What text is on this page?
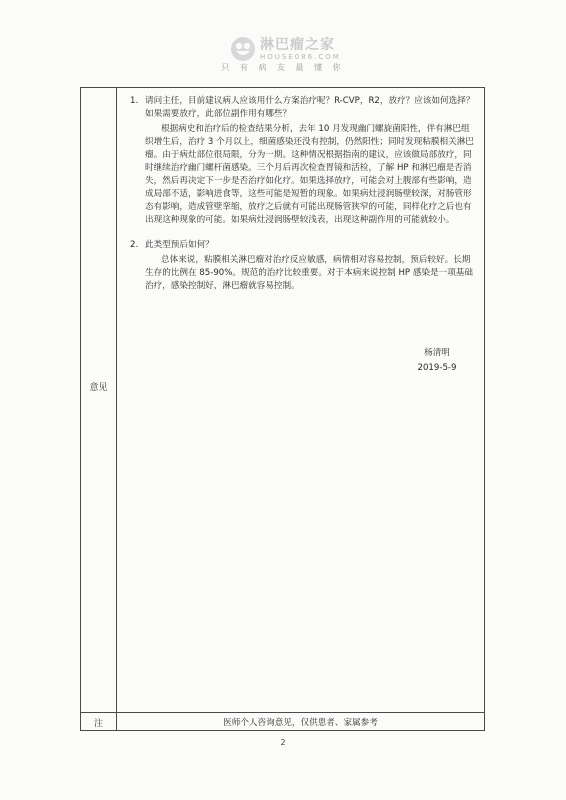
淋巴瘤之家
HOUSE086.COM
只 有 病 友 最 懂 你
意见
注
1. 请问主任，目前建议病人应该用什么方案治疗呢？R-CVP，R2，放疗？应该如何选择？如果需要放疗，此部位副作用有哪些？
根据病史和治疗后的检查结果分析，去年 10 月发现幽门螺旋菌阳性，伴有淋巴组织增生后，治疗 3 个月以上，细菌感染还没有控制，仍然阳性；同时发现粘膜相关淋巴瘤。由于病灶部位很局限，分为一期。这种情况根据指南的建议，应该做局部放疗，同时继续治疗幽门螺杆菌感染。三个月后再次检查胃镜和活检，了解 HP 和淋巴瘤是否消失，然后再决定下一步是否治疗如化疗。如果选择放疗，可能会对上腹部有些影响，造成局部不适，影响进食等，这些可能是短暂的现象。如果病灶浸润肠壁较深，对肠管形态有影响，造成管壁挛缩，放疗之后就有可能出现肠管狭窄的可能，同样化疗之后也有出现这种现象的可能。如果病灶浸润肠壁较浅表，出现这种副作用的可能就较小。
2. 此类型预后如何？
总体来说，粘膜相关淋巴瘤对治疗反应敏感，病情相对容易控制，预后较好。长期生存的比例在 85-90%。规范的治疗比较重要。对于本病来说控制 HP 感染是一项基础治疗，感染控制好，淋巴瘤就容易控制。
杨清明
2019-5-9
医师个人咨询意见，仅供患者、家属参考
2
